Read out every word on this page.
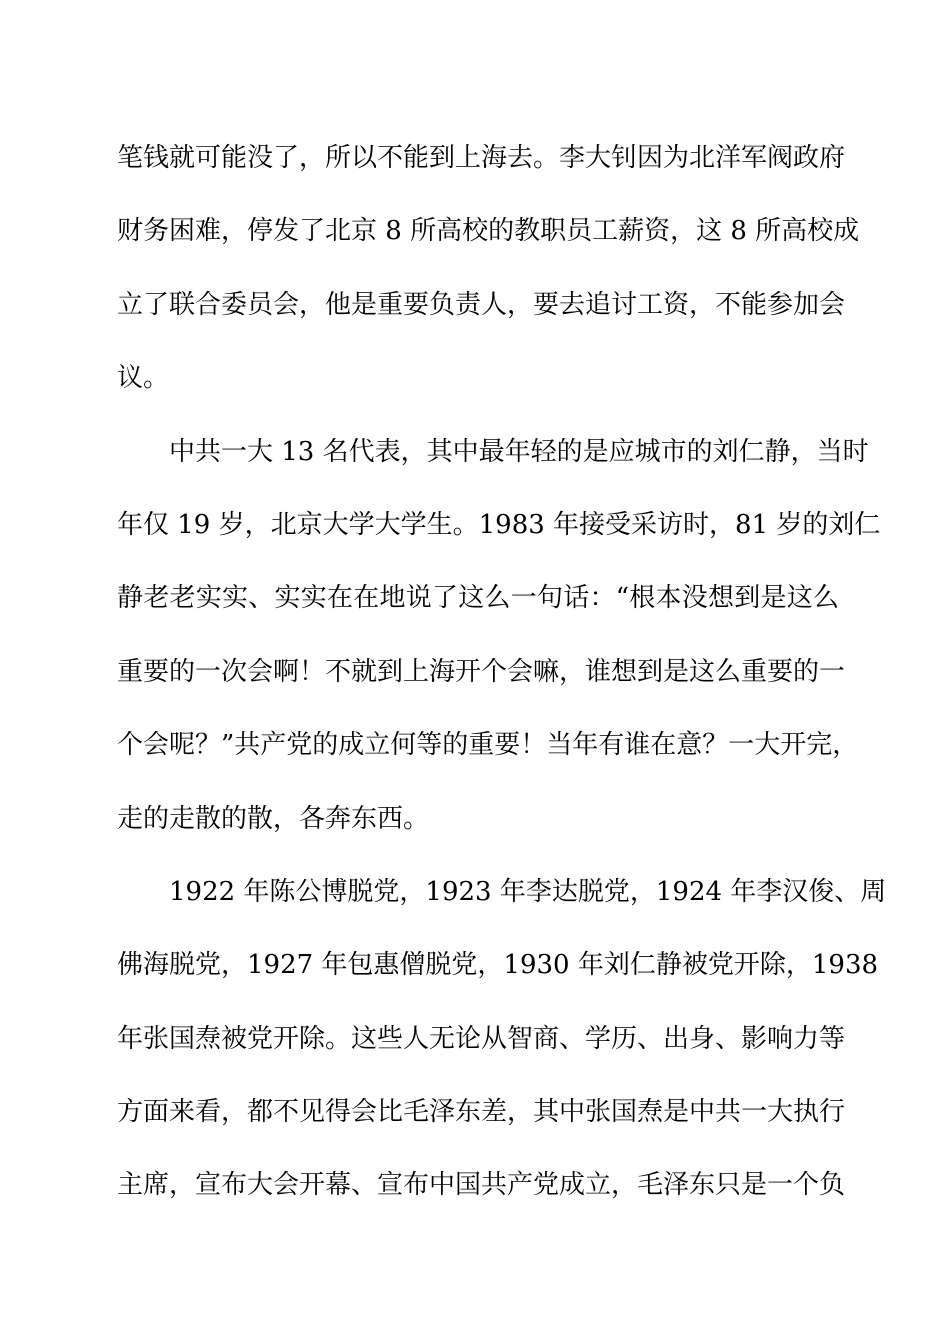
笔钱就可能没了，所以不能到上海去。李大钊因为北洋军阀政府
财务困难，停发了北京 8 所高校的教职员工薪资，这 8 所高校成
立了联合委员会，他是重要负责人，要去追讨工资，不能参加会
议。
中共一大 13 名代表，其中最年轻的是应城市的刘仁静，当时
年仅 19 岁，北京大学大学生。1983 年接受采访时，81 岁的刘仁
静老老实实、实实在在地说了这么一句话：“根本没想到是这么
重要的一次会啊！不就到上海开个会嘛，谁想到是这么重要的一
个会呢？”共产党的成立何等的重要！当年有谁在意？一大开完，
走的走散的散，各奔东西。
1922 年陈公博脱党，1923 年李达脱党，1924 年李汉俊、周
佛海脱党，1927 年包惠僧脱党，1930 年刘仁静被党开除，1938
年张国焘被党开除。这些人无论从智商、学历、出身、影响力等
方面来看，都不见得会比毛泽东差，其中张国焘是中共一大执行
主席，宣布大会开幕、宣布中国共产党成立，毛泽东只是一个负
